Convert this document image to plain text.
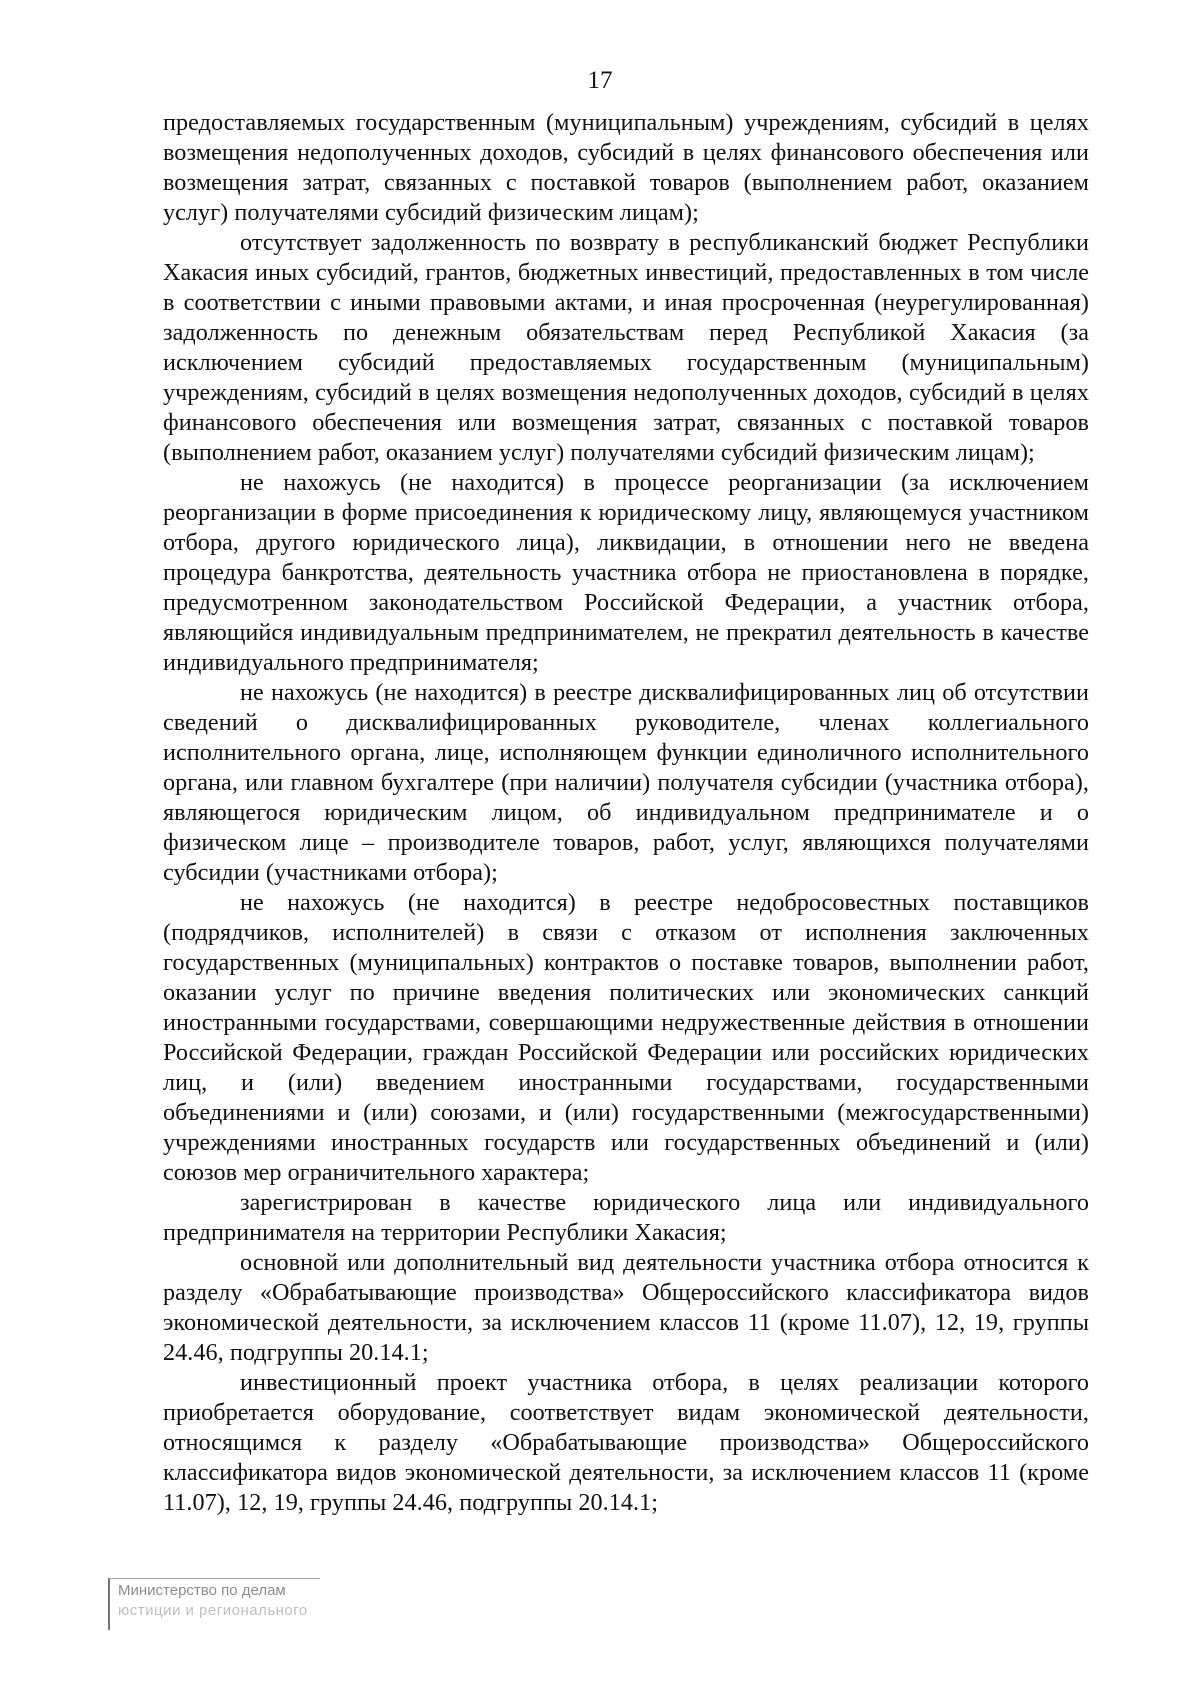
17

предоставляемых государственным (муниципальным) учреждениям, субсидий в целях возмещения недополученных доходов, субсидий в целях финансового обеспечения или возмещения затрат, связанных с поставкой товаров (выполнением работ, оказанием услуг) получателями субсидий физическим лицам);

отсутствует задолженность по возврату в республиканский бюджет Республики Хакасия иных субсидий, грантов, бюджетных инвестиций, предоставленных в том числе в соответствии с иными правовыми актами, и иная просроченная (неурегулированная) задолженность по денежным обязательствам перед Республикой Хакасия (за исключением субсидий предоставляемых государственным (муниципальным) учреждениям, субсидий в целях возмещения недополученных доходов, субсидий в целях финансового обеспечения или возмещения затрат, связанных с поставкой товаров (выполнением работ, оказанием услуг) получателями субсидий физическим лицам);

не нахожусь (не находится) в процессе реорганизации (за исключением реорганизации в форме присоединения к юридическому лицу, являющемуся участником отбора, другого юридического лица), ликвидации, в отношении него не введена процедура банкротства, деятельность участника отбора не приостановлена в порядке, предусмотренном законодательством Российской Федерации, а участник отбора, являющийся индивидуальным предпринимателем, не прекратил деятельность в качестве индивидуального предпринимателя;

не нахожусь (не находится) в реестре дисквалифицированных лиц об отсутствии сведений о дисквалифицированных руководителе, членах коллегиального исполнительного органа, лице, исполняющем функции единоличного исполнительного органа, или главном бухгалтере (при наличии) получателя субсидии (участника отбора), являющегося юридическим лицом, об индивидуальном предпринимателе и о физическом лице – производителе товаров, работ, услуг, являющихся получателями субсидии (участниками отбора);

не нахожусь (не находится) в реестре недобросовестных поставщиков (подрядчиков, исполнителей) в связи с отказом от исполнения заключенных государственных (муниципальных) контрактов о поставке товаров, выполнении работ, оказании услуг по причине введения политических или экономических санкций иностранными государствами, совершающими недружественные действия в отношении Российской Федерации, граждан Российской Федерации или российских юридических лиц, и (или) введением иностранными государствами, государственными объединениями и (или) союзами, и (или) государственными (межгосударственными) учреждениями иностранных государств или государственных объединений и (или) союзов мер ограничительного характера;

зарегистрирован в качестве юридического лица или индивидуального предпринимателя на территории Республики Хакасия;

основной или дополнительный вид деятельности участника отбора относится к разделу «Обрабатывающие производства» Общероссийского классификатора видов экономической деятельности, за исключением классов 11 (кроме 11.07), 12, 19, группы 24.46, подгруппы 20.14.1;

инвестиционный проект участника отбора, в целях реализации которого приобретается оборудование, соответствует видам экономической деятельности, относящимся к разделу «Обрабатывающие производства» Общероссийского классификатора видов экономической деятельности, за исключением классов 11 (кроме 11.07), 12, 19, группы 24.46, подгруппы 20.14.1;

Министерство по делам
юстиции и регионального
